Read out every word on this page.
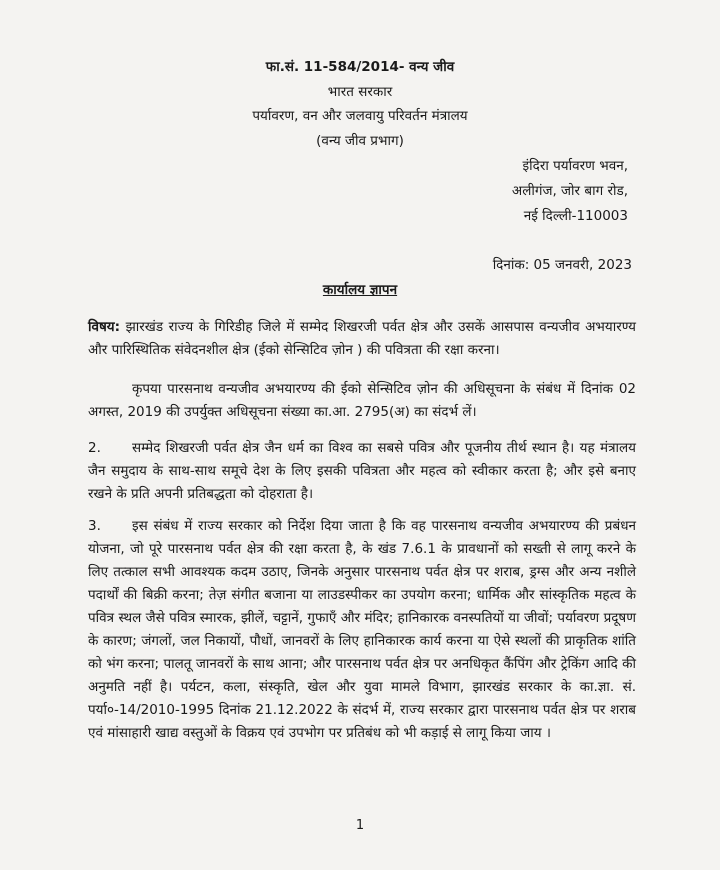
फा.सं. 11-584/2014- वन्य जीव

भारत सरकार

पर्यावरण, वन और जलवायु परिवर्तन मंत्रालय

(वन्य जीव प्रभाग)

इंदिरा पर्यावरण भवन,

अलीगंज, जोर बाग रोड,

नई दिल्ली-110003

दिनांक: 05 जनवरी, 2023

कार्यालय ज्ञापन

विषय: झारखंड राज्य के गिरिडीह जिले में सम्मेद शिखरजी पर्वत क्षेत्र और उसकें आसपास वन्यजीव अभयारण्य और पारिस्थितिक संवेदनशील क्षेत्र (ईको सेन्सिटिव ज़ोन ) की पवित्रता की रक्षा करना।

कृपया पारसनाथ वन्यजीव अभयारण्य की ईको सेन्सिटिव ज़ोन की अधिसूचना के संबंध में दिनांक 02 अगस्त, 2019 की उपर्युक्त अधिसूचना संख्या का.आ. 2795(अ) का संदर्भ लें।

2. सम्मेद शिखरजी पर्वत क्षेत्र जैन धर्म का विश्व का सबसे पवित्र और पूजनीय तीर्थ स्थान है। यह मंत्रालय जैन समुदाय के साथ-साथ समूचे देश के लिए इसकी पवित्रता और महत्व को स्वीकार करता है; और इसे बनाए रखने के प्रति अपनी प्रतिबद्धता को दोहराता है।

3. इस संबंध में राज्य सरकार को निर्देश दिया जाता है कि वह पारसनाथ वन्यजीव अभयारण्य की प्रबंधन योजना, जो पूरे पारसनाथ पर्वत क्षेत्र की रक्षा करता है, के खंड 7.6.1 के प्रावधानों को सख्ती से लागू करने के लिए तत्काल सभी आवश्यक कदम उठाए, जिनके अनुसार पारसनाथ पर्वत क्षेत्र पर शराब, ड्रग्स और अन्य नशीले पदार्थों की बिक्री करना; तेज़ संगीत बजाना या लाउडस्पीकर का उपयोग करना; धार्मिक और सांस्कृतिक महत्व के पवित्र स्थल जैसे पवित्र स्मारक, झीलें, चट्टानें, गुफाएँ और मंदिर; हानिकारक वनस्पतियों या जीवों; पर्यावरण प्रदूषण के कारण; जंगलों, जल निकायों, पौधों, जानवरों के लिए हानिकारक कार्य करना या ऐसे स्थलों की प्राकृतिक शांति को भंग करना; पालतू जानवरों के साथ आना; और पारसनाथ पर्वत क्षेत्र पर अनधिकृत कैंपिंग और ट्रेकिंग आदि की अनुमति नहीं है। पर्यटन, कला, संस्कृति, खेल और युवा मामले विभाग, झारखंड सरकार के का.ज्ञा. सं. पर्या०-14/2010-1995 दिनांक 21.12.2022 के संदर्भ में, राज्य सरकार द्वारा पारसनाथ पर्वत क्षेत्र पर शराब एवं मांसाहारी खाद्य वस्तुओं के विक्रय एवं उपभोग पर प्रतिबंध को भी कड़ाई से लागू किया जाय ।

1
